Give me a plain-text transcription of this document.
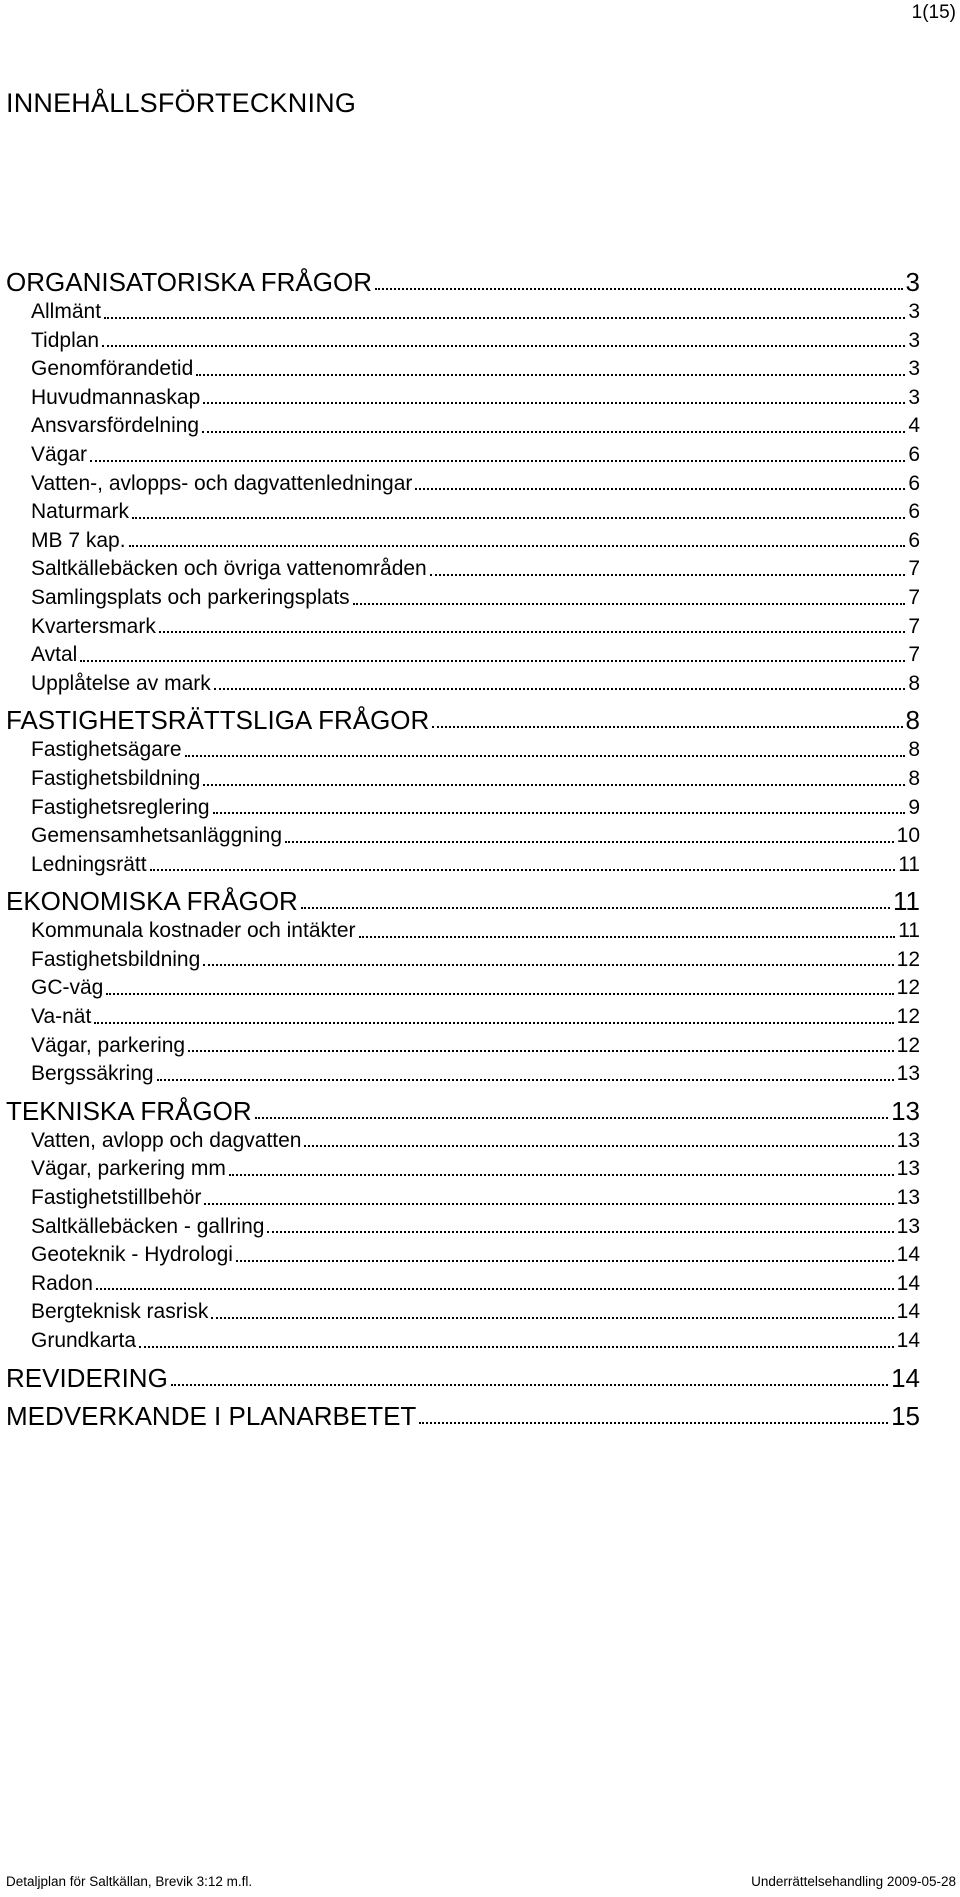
1(15)
INNEHÅLLSFÖRTECKNING
ORGANISATORISKA FRÅGOR	3
Allmänt	3
Tidplan	3
Genomförandetid	3
Huvudmannaskap	3
Ansvarsfördelning	4
Vägar	6
Vatten-, avlopps- och dagvattenledningar	6
Naturmark	6
MB 7 kap.	6
Saltkällebäcken och övriga vattenområden	7
Samlingsplats och parkeringsplats	7
Kvartersmark	7
Avtal	7
Upplåtelse av mark	8
FASTIGHETSRÄTTSLIGA FRÅGOR	8
Fastighetsägare	8
Fastighetsbildning	8
Fastighetsreglering	9
Gemensamhetsanläggning	10
Ledningsrätt	11
EKONOMISKA FRÅGOR	11
Kommunala kostnader och intäkter	11
Fastighetsbildning	12
GC-väg	12
Va-nät	12
Vägar, parkering	12
Bergssäkring	13
TEKNISKA FRÅGOR	13
Vatten, avlopp och dagvatten	13
Vägar, parkering mm	13
Fastighetstillbehör	13
Saltkällebäcken - gallring	13
Geoteknik - Hydrologi	14
Radon	14
Bergteknisk rasrisk	14
Grundkarta	14
REVIDERING	14
MEDVERKANDE I PLANARBETET	15
Detaljplan för Saltkällan, Brevik 3:12 m.fl.	Underrättelsehandling 2009-05-28
